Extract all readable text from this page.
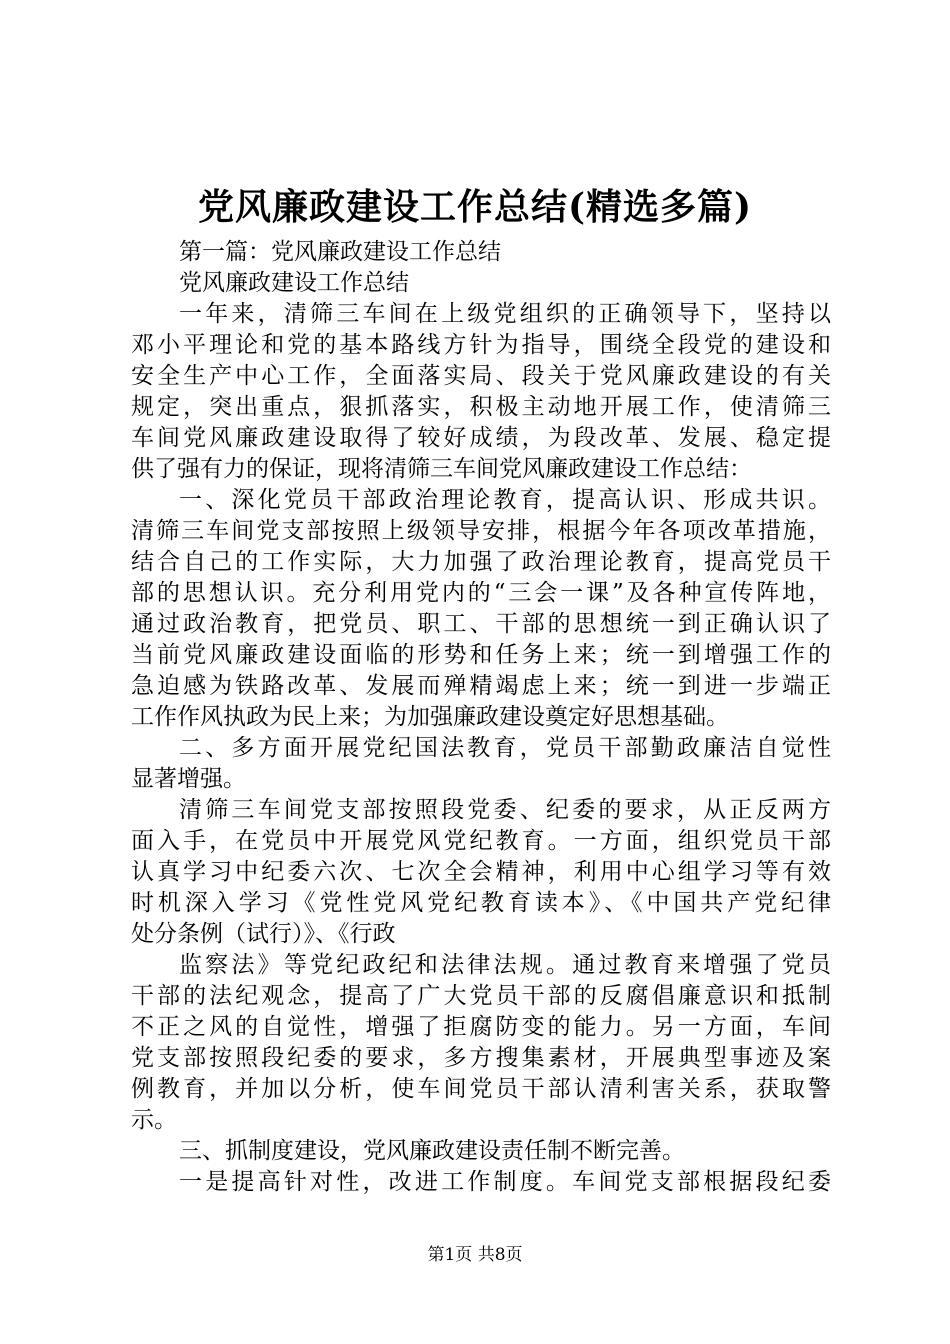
党风廉政建设工作总结(精选多篇)
第一篇：党风廉政建设工作总结
党风廉政建设工作总结
一年来，清筛三车间在上级党组织的正确领导下，坚持以
邓小平理论和党的基本路线方针为指导，围绕全段党的建设和
安全生产中心工作，全面落实局、段关于党风廉政建设的有关
规定，突出重点，狠抓落实，积极主动地开展工作，使清筛三
车间党风廉政建设取得了较好成绩，为段改革、发展、稳定提
供了强有力的保证，现将清筛三车间党风廉政建设工作总结：
一、深化党员干部政治理论教育，提高认识、形成共识。
清筛三车间党支部按照上级领导安排，根据今年各项改革措施，
结合自己的工作实际，大力加强了政治理论教育，提高党员干
部的思想认识。充分利用党内的“三会一课”及各种宣传阵地，
通过政治教育，把党员、职工、干部的思想统一到正确认识了
当前党风廉政建设面临的形势和任务上来；统一到增强工作的
急迫感为铁路改革、发展而殚精竭虑上来；统一到进一步端正
工作作风执政为民上来；为加强廉政建设奠定好思想基础。
二、多方面开展党纪国法教育，党员干部勤政廉洁自觉性
显著增强。
清筛三车间党支部按照段党委、纪委的要求，从正反两方
面入手，在党员中开展党风党纪教育。一方面，组织党员干部
认真学习中纪委六次、七次全会精神，利用中心组学习等有效
时机深入学习《党性党风党纪教育读本》、《中国共产党纪律
处分条例（试行）》、《行政
监察法》等党纪政纪和法律法规。通过教育来增强了党员
干部的法纪观念，提高了广大党员干部的反腐倡廉意识和抵制
不正之风的自觉性，增强了拒腐防变的能力。另一方面，车间
党支部按照段纪委的要求，多方搜集素材，开展典型事迹及案
例教育，并加以分析，使车间党员干部认清利害关系，获取警
示。
三、抓制度建设，党风廉政建设责任制不断完善。
一是提高针对性，改进工作制度。车间党支部根据段纪委
第1页 共8页
